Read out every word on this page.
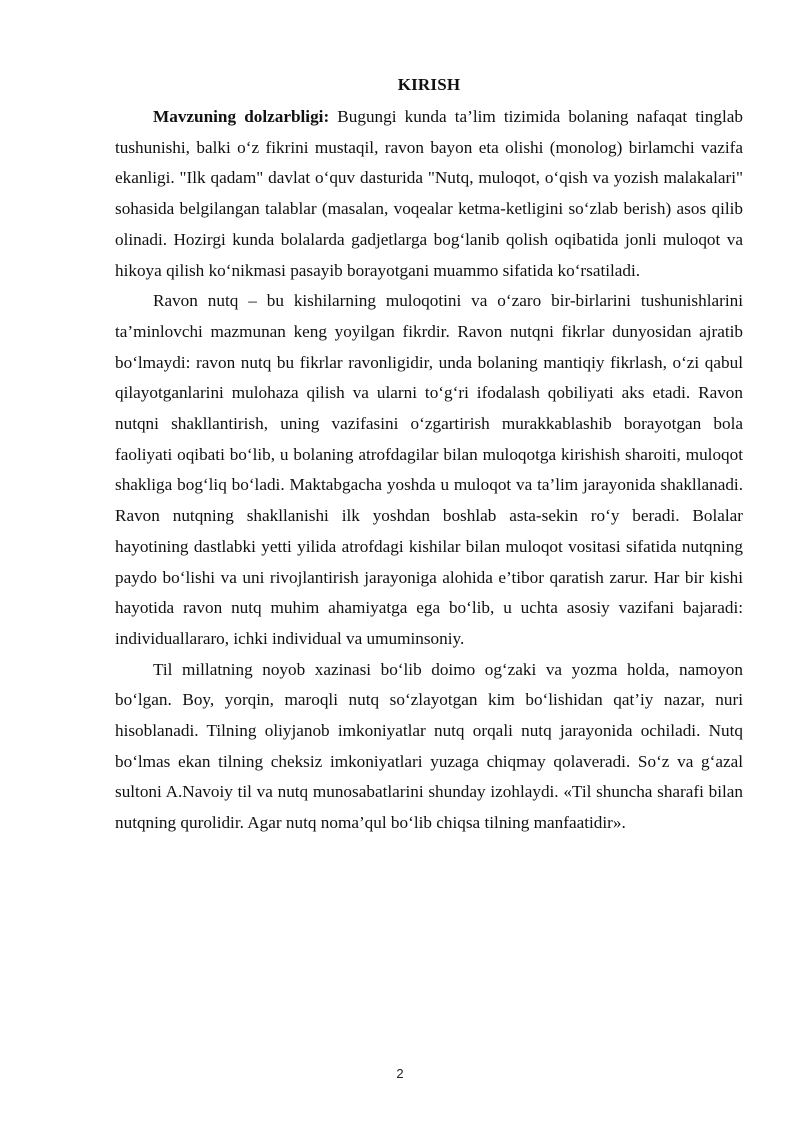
KIRISH

Mavzuning dolzarbligi: Bugungi kunda ta’lim tizimida bolaning nafaqat tinglab tushunishi, balki o‘z fikrini mustaqil, ravon bayon eta olishi (monolog) birlamchi vazifa ekanligi. "Ilk qadam" davlat o‘quv dasturida "Nutq, muloqot, o‘qish va yozish malakalari" sohasida belgilangan talablar (masalan, voqealar ketma-ketligini so‘zlab berish) asos qilib olinadi. Hozirgi kunda bolalarda gadjetlarga bog‘lanib qolish oqibatida jonli muloqot va hikoya qilish ko‘nikmasi pasayib borayotgani muammo sifatida ko‘rsatiladi.

Ravon nutq – bu kishilarning muloqotini va o‘zaro bir-birlarini tushunishlarini ta’minlovchi mazmunan keng yoyilgan fikrdir. Ravon nutqni fikrlar dunyosidan ajratib bo‘lmaydi: ravon nutq bu fikrlar ravonligidir, unda bolaning mantiqiy fikrlash, o‘zi qabul qilayotganlarini mulohaza qilish va ularni to‘g‘ri ifodalash qobiliyati aks etadi. Ravon nutqni shakllantirish, uning vazifasini o‘zgartirish murakkablashib borayotgan bola faoliyati oqibati bo‘lib, u bolaning atrofdagilar bilan muloqotga kirishish sharoiti, muloqot shakliga bog‘liq bo‘ladi. Maktabgacha yoshda u muloqot va ta’lim jarayonida shakllanadi. Ravon nutqning shakllanishi ilk yoshdan boshlab asta-sekin ro‘y beradi. Bolalar hayotining dastlabki yetti yilida atrofdagi kishilar bilan muloqot vositasi sifatida nutqning paydo bo‘lishi va uni rivojlantirish jarayoniga alohida e’tibor qaratish zarur. Har bir kishi hayotida ravon nutq muhim ahamiyatga ega bo‘lib, u uchta asosiy vazifani bajaradi: individuallararo, ichki individual va umuminsoniy.

Til millatning noyob xazinasi bo‘lib doimo og‘zaki va yozma holda, namoyon bo‘lgan. Boy, yorqin, maroqli nutq so‘zlayotgan kim bo‘lishidan qat’iy nazar, nuri hisoblanadi. Tilning oliyjanob imkoniyatlar nutq orqali nutq jarayonida ochiladi. Nutq bo‘lmas ekan tilning cheksiz imkoniyatlari yuzaga chiqmay qolaveradi. So‘z va g‘azal sultoni A.Navoiy til va nutq munosabatlarini shunday izohlaydi. «Til shuncha sharafi bilan nutqning qurolidir. Agar nutq noma’qul bo‘lib chiqsa tilning manfaatidir».

2
